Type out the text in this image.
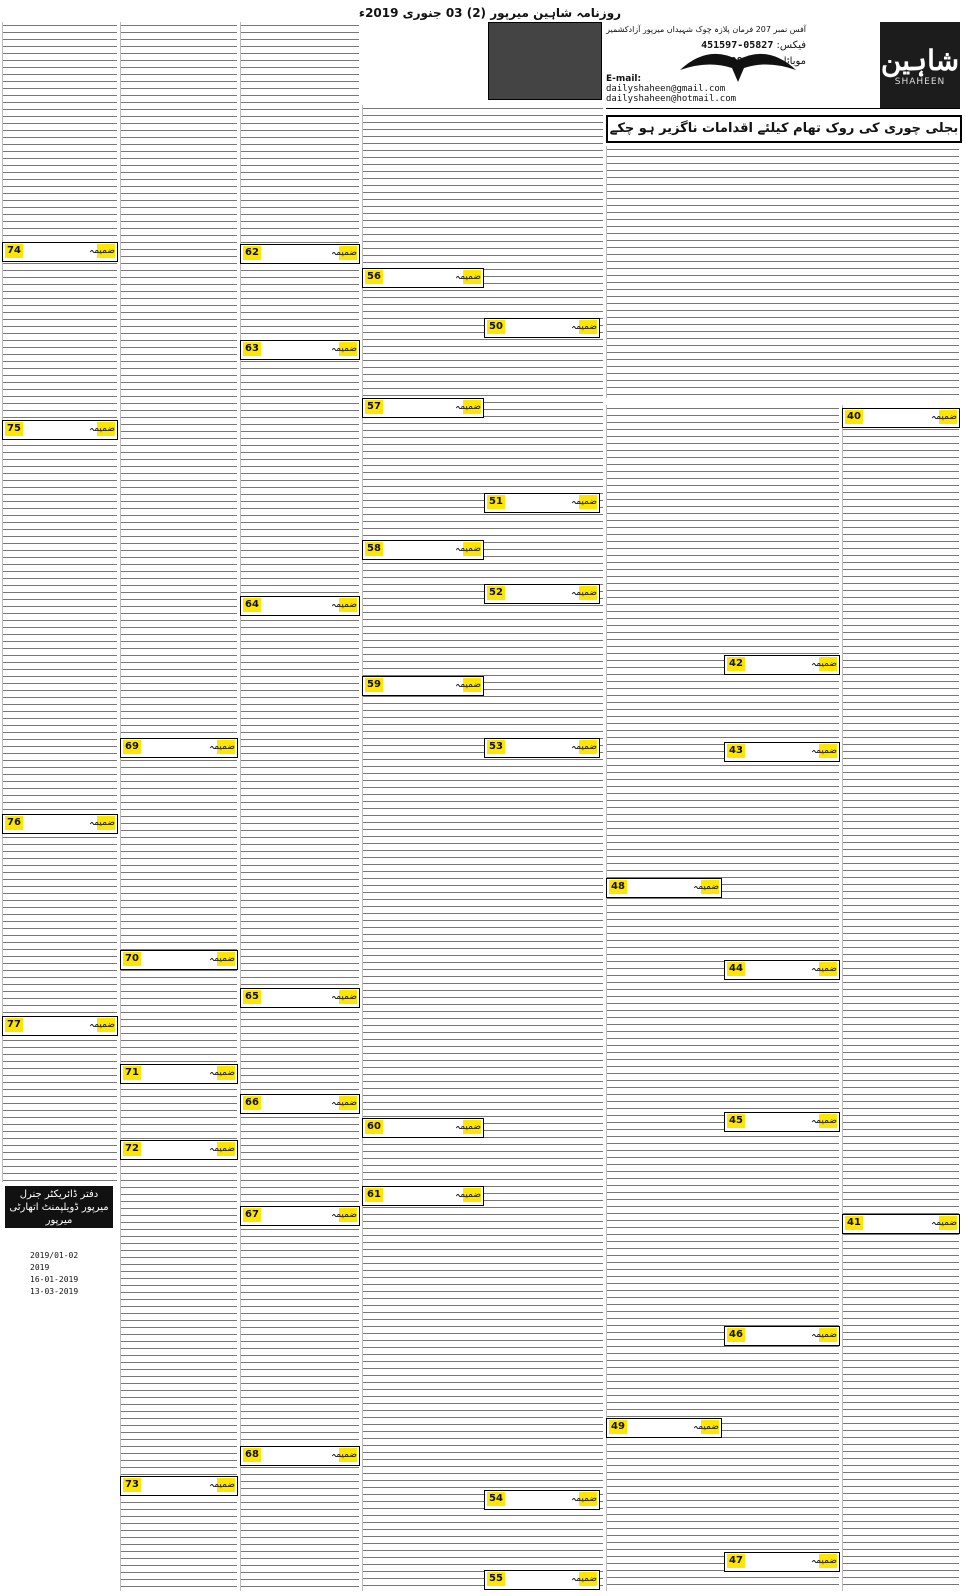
روزنامہ شاہین میرپور (2) 03 جنوری 2019ء
شاہین
SHAHEEN
آفس نمبر 207 فرمان پلازہ چوک شہیداں میرپور آزادکشمیر
فیکس: 05827-451597
موبائل: 0300-5468808
E-mail:
dailyshaheen@gmail.com
dailyshaheen@hotmail.com
بجلی چوری کی روک تھام کیلئے اقدامات ناگزیر ہو چکے
دفتر ڈائریکٹر جنرل میرپور ڈویلپمنٹ اتھارٹی میرپور
2019/01-02
2019
16-01-2019
13-03-2019
ضمیمہ
40
ضمیمہ
41
ضمیمہ
42
ضمیمہ
43
ضمیمہ
44
ضمیمہ
45
ضمیمہ
46
ضمیمہ
47
ضمیمہ
48
ضمیمہ
49
ضمیمہ
50
ضمیمہ
51
ضمیمہ
52
ضمیمہ
53
ضمیمہ
54
ضمیمہ
55
ضمیمہ
56
ضمیمہ
57
ضمیمہ
58
ضمیمہ
59
ضمیمہ
60
ضمیمہ
61
ضمیمہ
62
ضمیمہ
63
ضمیمہ
64
ضمیمہ
65
ضمیمہ
66
ضمیمہ
67
ضمیمہ
68
ضمیمہ
69
ضمیمہ
70
ضمیمہ
71
ضمیمہ
72
ضمیمہ
73
ضمیمہ
74
ضمیمہ
75
ضمیمہ
76
ضمیمہ
77
